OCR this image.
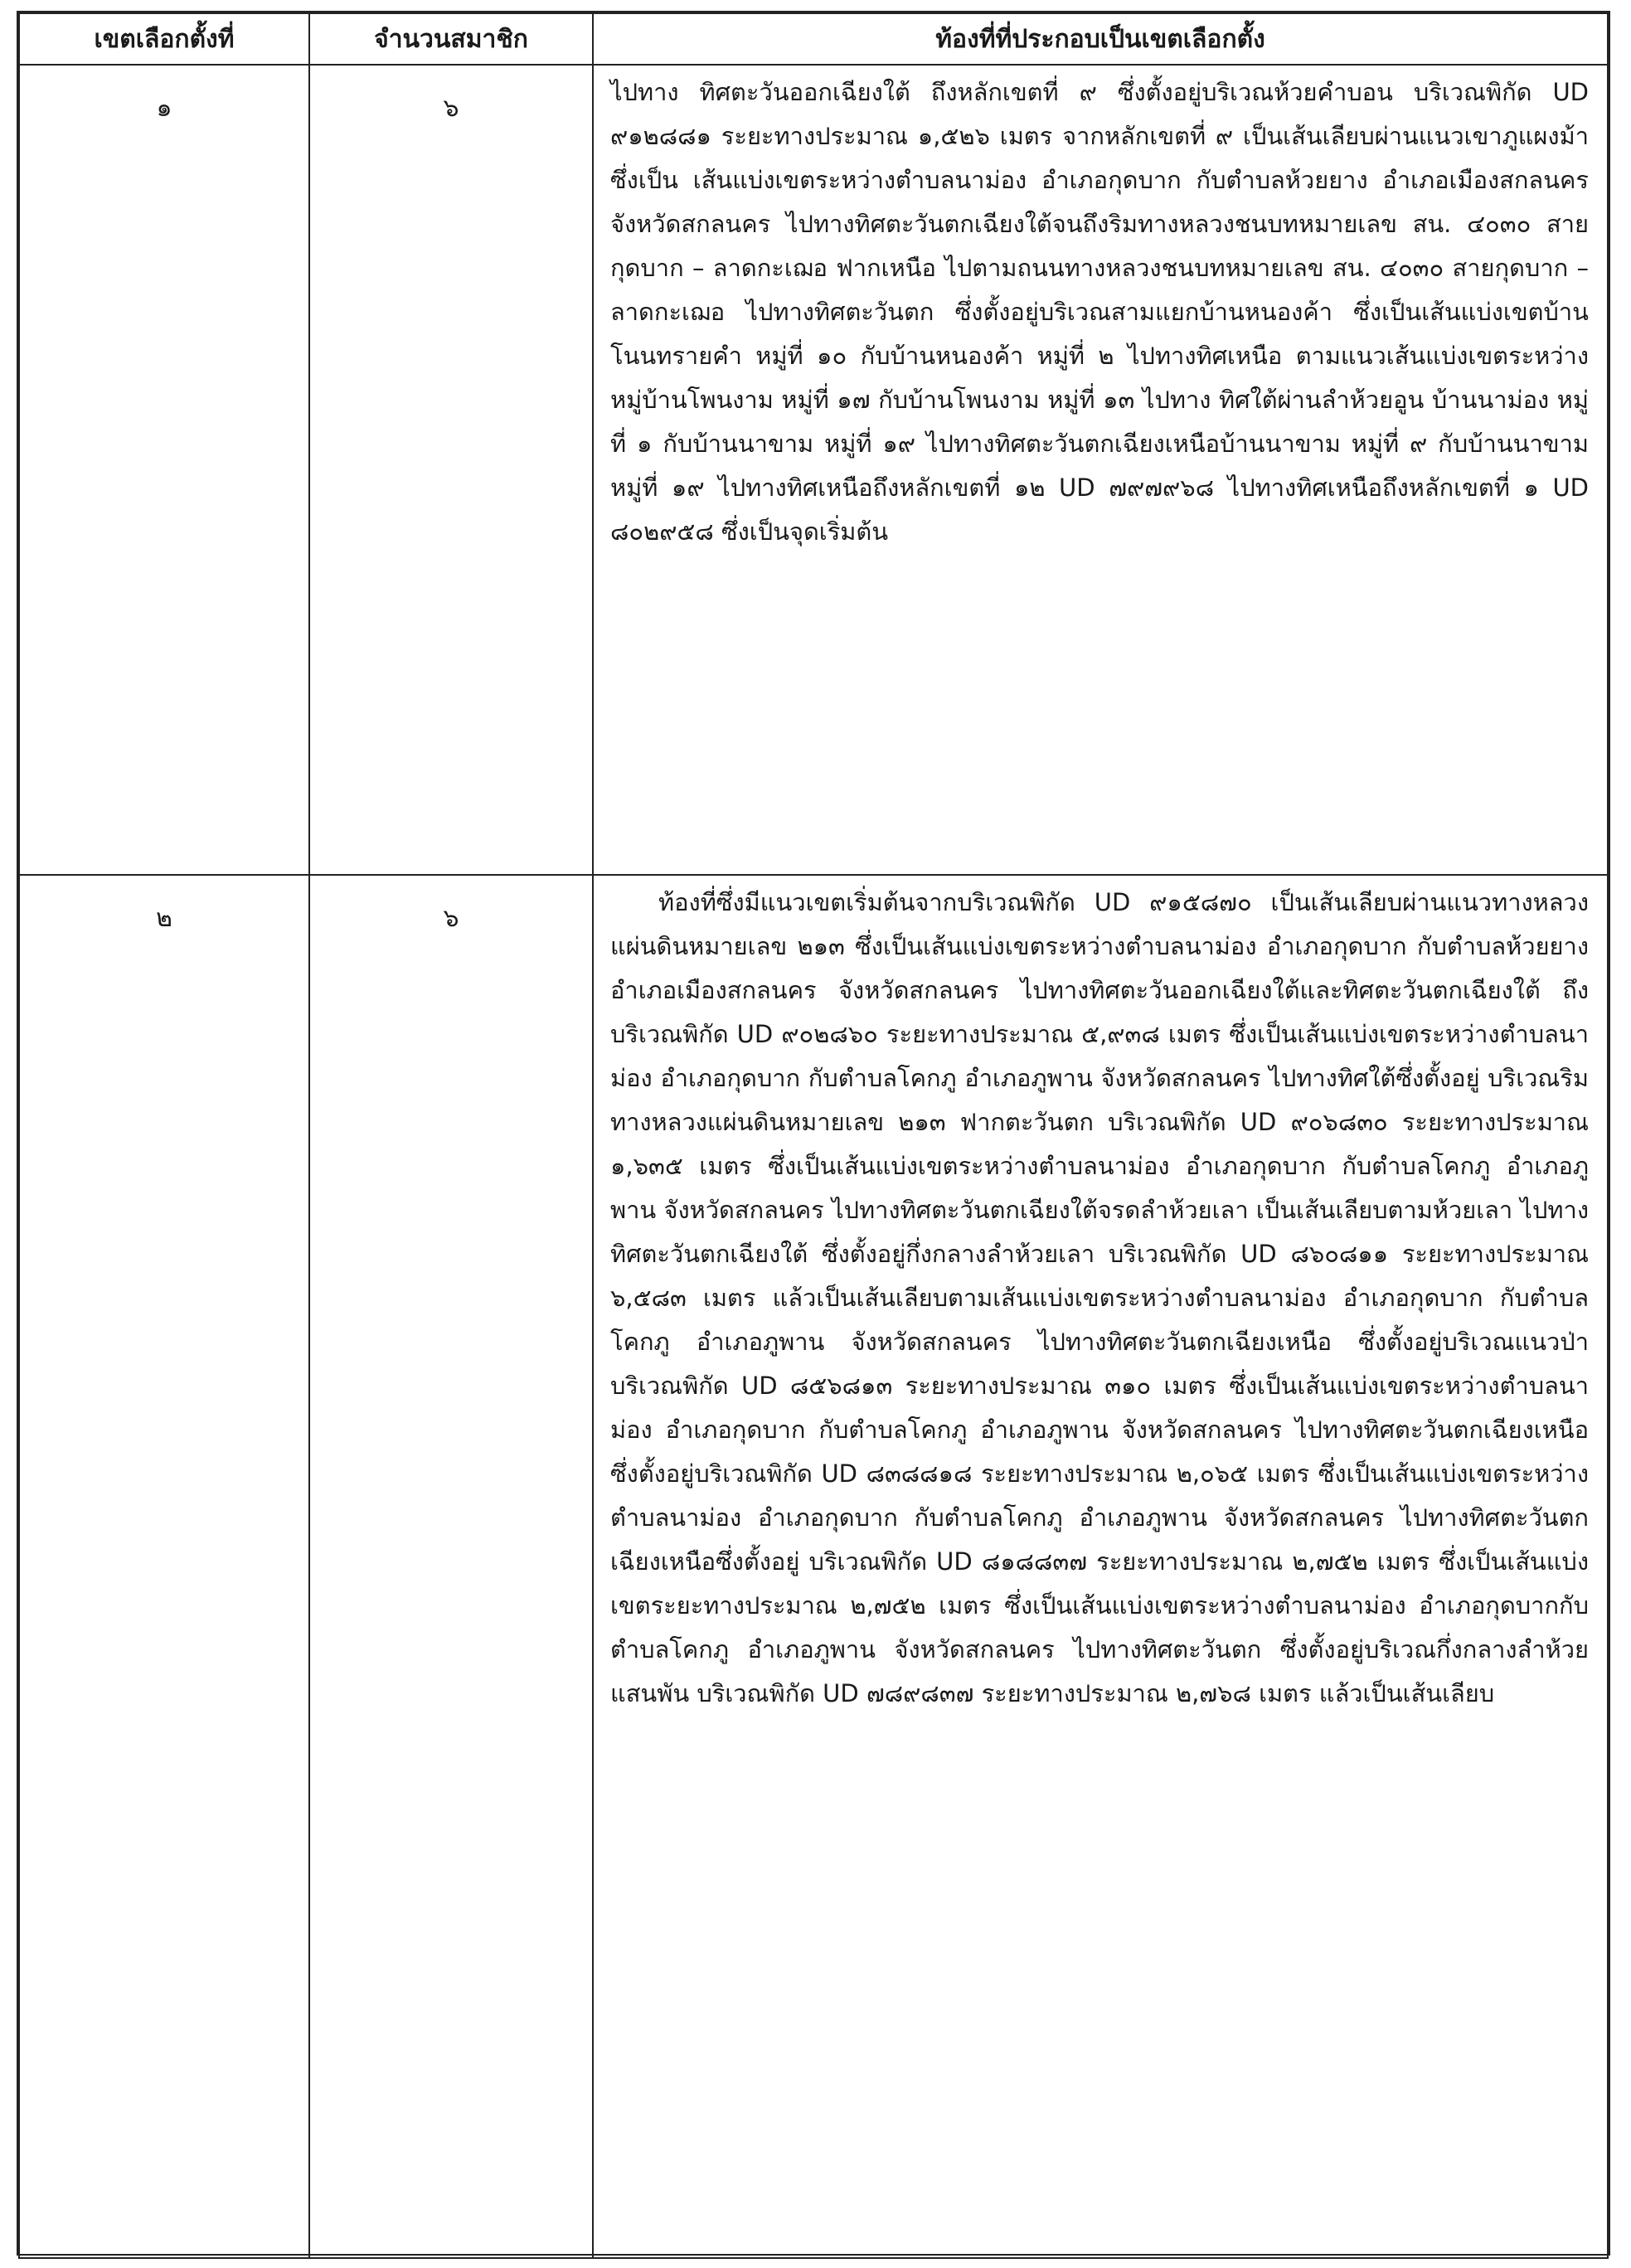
เขตเลือกตั้งที่	จำนวนสมาชิก	ท้องที่ที่ประกอบเป็นเขตเลือกตั้ง
๑	๖	ไปทาง ทิศตะวันออกเฉียงใต้ ถึงหลักเขตที่ ๙ ซึ่งตั้งอยู่บริเวณห้วยคำบอน บริเวณพิกัด UD ๙๑๒๘๘๑ ระยะทางประมาณ ๑,๕๒๖ เมตร จากหลักเขตที่ ๙ เป็นเส้นเลียบผ่านแนวเขาภูแผงม้า ซึ่งเป็น เส้นแบ่งเขตระหว่างตำบลนาม่อง อำเภอกุดบาก กับตำบลห้วยยาง อำเภอเมืองสกลนคร จังหวัดสกลนคร ไปทางทิศตะวันตกเฉียงใต้จนถึงริมทางหลวงชนบทหมายเลข สน. ๔๐๓๐ สายกุดบาก – ลาดกะเฌอ ฟากเหนือ ไปตามถนนทางหลวงชนบทหมายเลข สน. ๔๐๓๐ สายกุดบาก – ลาดกะเฌอ ไปทางทิศตะวันตก ซึ่งตั้งอยู่บริเวณสามแยกบ้านหนองค้า ซึ่งเป็นเส้นแบ่งเขตบ้านโนนทรายคำ หมู่ที่ ๑๐ กับบ้านหนองค้า หมู่ที่ ๒ ไปทางทิศเหนือ ตามแนวเส้นแบ่งเขตระหว่างหมู่บ้านโพนงาม หมู่ที่ ๑๗ กับบ้านโพนงาม หมู่ที่ ๑๓ ไปทาง ทิศใต้ผ่านลำห้วยอูน บ้านนาม่อง หมู่ที่ ๑ กับบ้านนาขาม หมู่ที่ ๑๙ ไปทางทิศตะวันตกเฉียงเหนือบ้านนาขาม หมู่ที่ ๙ กับบ้านนาขาม หมู่ที่ ๑๙ ไปทางทิศเหนือถึงหลักเขตที่ ๑๒ UD ๗๙๗๙๖๘ ไปทางทิศเหนือถึงหลักเขตที่ ๑ UD ๘๐๒๙๕๘ ซึ่งเป็นจุดเริ่มต้น
๒	๖	ท้องที่ซึ่งมีแนวเขตเริ่มต้นจากบริเวณพิกัด UD ๙๑๕๘๗๐ เป็นเส้นเลียบผ่านแนวทางหลวงแผ่นดินหมายเลข ๒๑๓ ซึ่งเป็นเส้นแบ่งเขตระหว่างตำบลนาม่อง อำเภอกุดบาก กับตำบลห้วยยาง อำเภอเมืองสกลนคร จังหวัดสกลนคร ไปทางทิศตะวันออกเฉียงใต้และทิศตะวันตกเฉียงใต้ ถึงบริเวณพิกัด UD ๙๐๒๘๖๐ ระยะทางประมาณ ๕,๙๓๘ เมตร ซึ่งเป็นเส้นแบ่งเขตระหว่างตำบลนาม่อง อำเภอกุดบาก กับตำบลโคกภู อำเภอภูพาน จังหวัดสกลนคร ไปทางทิศใต้ซึ่งตั้งอยู่ บริเวณริมทางหลวงแผ่นดินหมายเลข ๒๑๓ ฟากตะวันตก บริเวณพิกัด UD ๙๐๖๘๓๐ ระยะทางประมาณ ๑,๖๓๕ เมตร ซึ่งเป็นเส้นแบ่งเขตระหว่างตำบลนาม่อง อำเภอกุดบาก กับตำบลโคกภู อำเภอภูพาน จังหวัดสกลนคร ไปทางทิศตะวันตกเฉียงใต้จรดลำห้วยเลา เป็นเส้นเลียบตามห้วยเลา ไปทางทิศตะวันตกเฉียงใต้ ซึ่งตั้งอยู่กึ่งกลางลำห้วยเลา บริเวณพิกัด UD ๘๖๐๘๑๑ ระยะทางประมาณ ๖,๕๘๓ เมตร แล้วเป็นเส้นเลียบตามเส้นแบ่งเขตระหว่างตำบลนาม่อง อำเภอกุดบาก กับตำบลโคกภู อำเภอภูพาน จังหวัดสกลนคร ไปทางทิศตะวันตกเฉียงเหนือ ซึ่งตั้งอยู่บริเวณแนวป่า บริเวณพิกัด UD ๘๕๖๘๑๓ ระยะทางประมาณ ๓๑๐ เมตร ซึ่งเป็นเส้นแบ่งเขตระหว่างตำบลนาม่อง อำเภอกุดบาก กับตำบลโคกภู อำเภอภูพาน จังหวัดสกลนคร ไปทางทิศตะวันตกเฉียงเหนือ ซึ่งตั้งอยู่บริเวณพิกัด UD ๘๓๘๘๑๘ ระยะทางประมาณ ๒,๐๖๕ เมตร ซึ่งเป็นเส้นแบ่งเขตระหว่างตำบลนาม่อง อำเภอกุดบาก กับตำบลโคกภู อำเภอภูพาน จังหวัดสกลนคร ไปทางทิศตะวันตกเฉียงเหนือซึ่งตั้งอยู่ บริเวณพิกัด UD ๘๑๘๘๓๗ ระยะทางประมาณ ๒,๗๕๒ เมตร ซึ่งเป็นเส้นแบ่งเขตระยะทางประมาณ ๒,๗๕๒ เมตร ซึ่งเป็นเส้นแบ่งเขตระหว่างตำบลนาม่อง อำเภอกุดบากกับตำบลโคกภู อำเภอภูพาน จังหวัดสกลนคร ไปทางทิศตะวันตก ซึ่งตั้งอยู่บริเวณกึ่งกลางลำห้วยแสนพัน บริเวณพิกัด UD ๗๘๙๘๓๗ ระยะทางประมาณ ๒,๗๖๘ เมตร แล้วเป็นเส้นเลียบ
